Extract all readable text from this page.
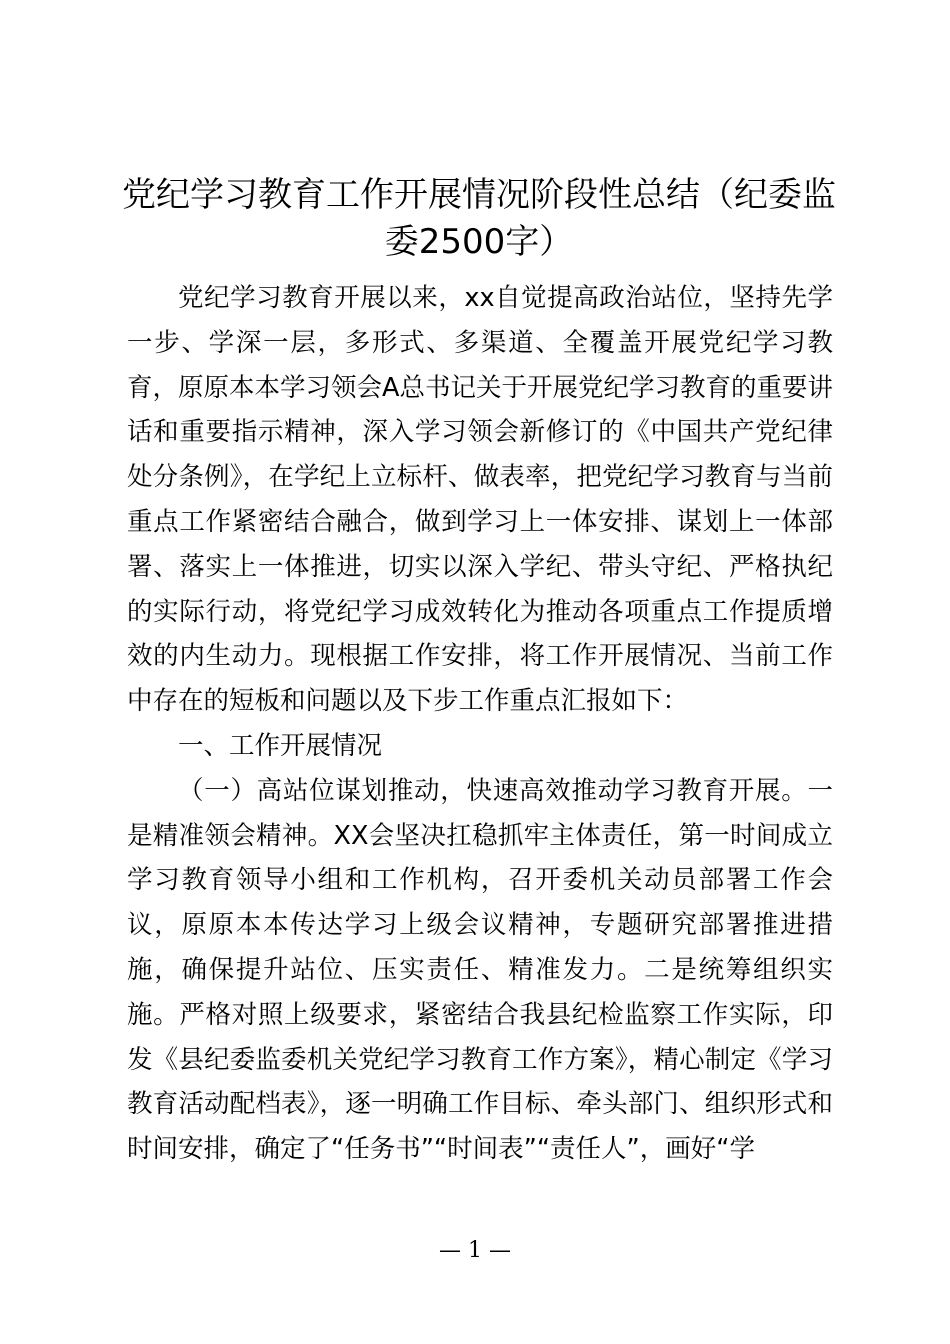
党纪学习教育工作开展情况阶段性总结（纪委监委2500字）

党纪学习教育开展以来，xx自觉提高政治站位，坚持先学一步、学深一层，多形式、多渠道、全覆盖开展党纪学习教育，原原本本学习领会A总书记关于开展党纪学习教育的重要讲话和重要指示精神，深入学习领会新修订的《中国共产党纪律处分条例》，在学纪上立标杆、做表率，把党纪学习教育与当前重点工作紧密结合融合，做到学习上一体安排、谋划上一体部署、落实上一体推进，切实以深入学纪、带头守纪、严格执纪的实际行动，将党纪学习成效转化为推动各项重点工作提质增效的内生动力。现根据工作安排，将工作开展情况、当前工作中存在的短板和问题以及下步工作重点汇报如下：

一、工作开展情况

（一）高站位谋划推动，快速高效推动学习教育开展。一是精准领会精神。XX会坚决扛稳抓牢主体责任，第一时间成立学习教育领导小组和工作机构，召开委机关动员部署工作会议，原原本本传达学习上级会议精神，专题研究部署推进措施，确保提升站位、压实责任、精准发力。二是统筹组织实施。严格对照上级要求，紧密结合我县纪检监察工作实际，印发《县纪委监委机关党纪学习教育工作方案》，精心制定《学习教育活动配档表》，逐一明确工作目标、牵头部门、组织形式和时间安排，确定了“任务书”“时间表”“责任人”，画好“学

— 1 —
